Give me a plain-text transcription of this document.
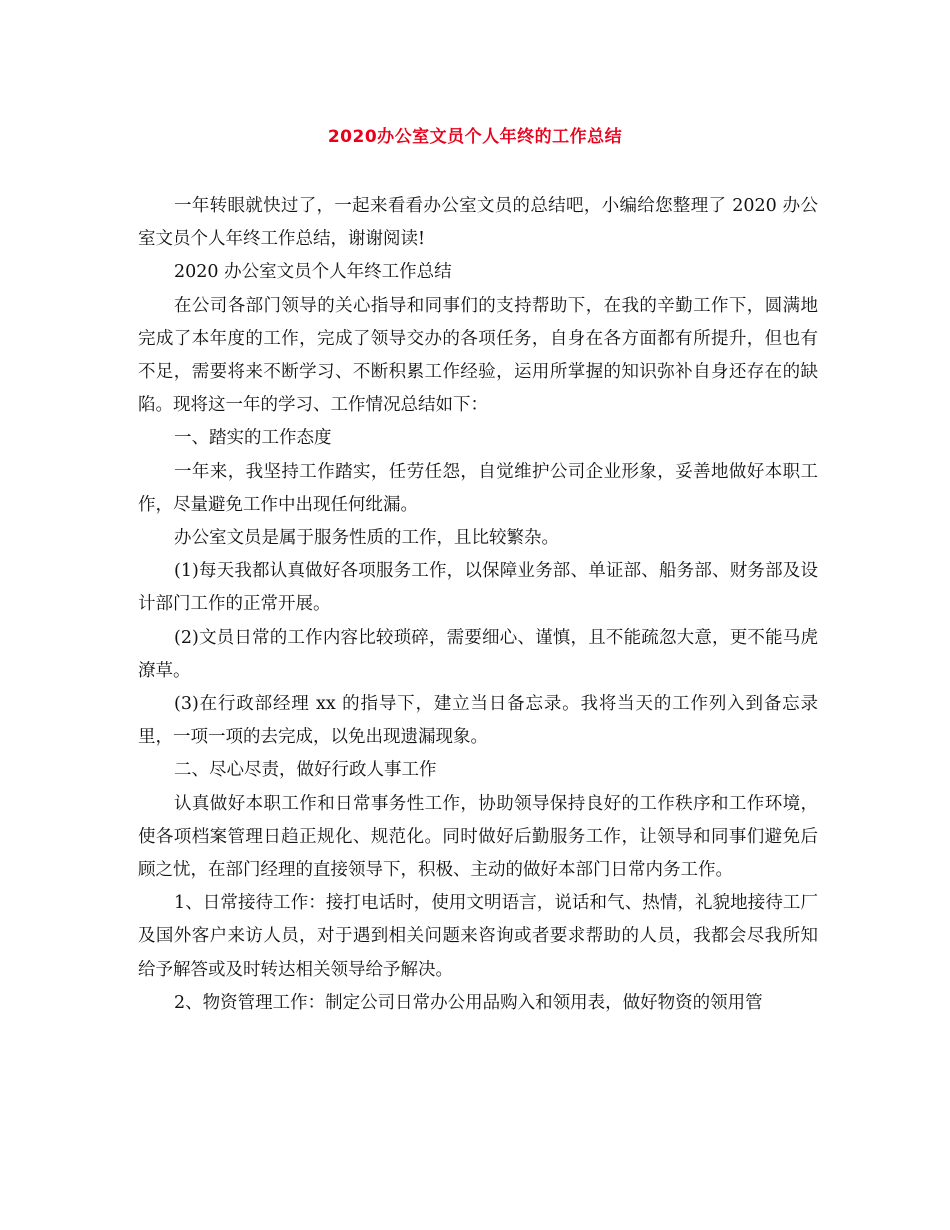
2020办公室文员个人年终的工作总结

一年转眼就快过了，一起来看看办公室文员的总结吧，小编给您整理了 2020 办公室文员个人年终工作总结，谢谢阅读!

2020 办公室文员个人年终工作总结

在公司各部门领导的关心指导和同事们的支持帮助下，在我的辛勤工作下，圆满地完成了本年度的工作，完成了领导交办的各项任务，自身在各方面都有所提升，但也有不足，需要将来不断学习、不断积累工作经验，运用所掌握的知识弥补自身还存在的缺陷。现将这一年的学习、工作情况总结如下：

一、踏实的工作态度

一年来，我坚持工作踏实，任劳任怨，自觉维护公司企业形象，妥善地做好本职工作，尽量避免工作中出现任何纰漏。

办公室文员是属于服务性质的工作，且比较繁杂。

(1)每天我都认真做好各项服务工作，以保障业务部、单证部、船务部、财务部及设计部门工作的正常开展。

(2)文员日常的工作内容比较琐碎，需要细心、谨慎，且不能疏忽大意，更不能马虎潦草。

(3)在行政部经理 xx 的指导下，建立当日备忘录。我将当天的工作列入到备忘录里，一项一项的去完成，以免出现遗漏现象。

二、尽心尽责，做好行政人事工作

认真做好本职工作和日常事务性工作，协助领导保持良好的工作秩序和工作环境，使各项档案管理日趋正规化、规范化。同时做好后勤服务工作，让领导和同事们避免后顾之忧，在部门经理的直接领导下，积极、主动的做好本部门日常内务工作。

1、日常接待工作：接打电话时，使用文明语言，说话和气、热情，礼貌地接待工厂及国外客户来访人员，对于遇到相关问题来咨询或者要求帮助的人员，我都会尽我所知给予解答或及时转达相关领导给予解决。

2、物资管理工作：制定公司日常办公用品购入和领用表，做好物资的领用管
